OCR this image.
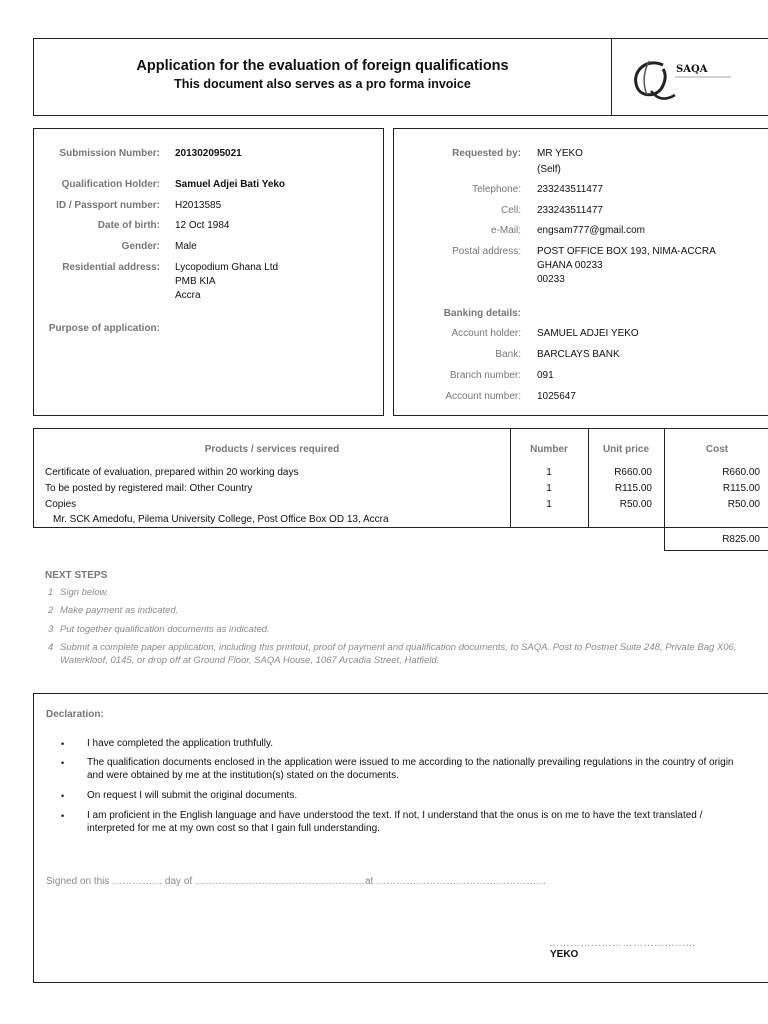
Application for the evaluation of foreign qualifications
This document also serves as a pro forma invoice
SAQA
Submission Number: 201302095021
Qualification Holder: Samuel Adjei Bati Yeko
ID / Passport number: H2013585
Date of birth: 12 Oct 1984
Gender: Male
Residential address: Lycopodium Ghana Ltd
PMB KIA
Accra
Purpose of application:
Requested by: MR YEKO
(Self)
Telephone: 233243511477
Cell: 233243511477
e-Mail: engsam777@gmail.com
Postal address: POST OFFICE BOX 193, NIMA-ACCRA
GHANA 00233
00233
Banking details:
Account holder: SAMUEL ADJEI YEKO
Bank: BARCLAYS BANK
Branch number: 091
Account number: 1025647
Products / services required	Number	Unit price	Cost
Certificate of evaluation, prepared within 20 working days	1	R660.00	R660.00
To be posted by registered mail: Other Country	1	R115.00	R115.00
Copies	1	R50.00	R50.00
Mr. SCK Amedofu, Pilema University College, Post Office Box OD 13, Accra
R825.00
NEXT STEPS
1 Sign below.
2 Make payment as indicated.
3 Put together qualification documents as indicated.
4 Submit a complete paper application, including this printout, proof of payment and qualification documents, to SAQA. Post to Postnet Suite 248, Private Bag X06, Waterkloof, 0145, or drop off at Ground Floor, SAQA House, 1067 Arcadia Street, Hatfield.
Declaration:
• I have completed the application truthfully.
• The qualification documents enclosed in the application were issued to me according to the nationally prevailing regulations in the country of origin and were obtained by me at the institution(s) stated on the documents.
• On request I will submit the original documents.
• I am proficient in the English language and have understood the text. If not, I understand that the onus is on me to have the text translated / interpreted for me at my own cost so that I gain full understanding.
Signed on this …………… day of ……………………………………………at ……………………………………………
……………………………………
YEKO
